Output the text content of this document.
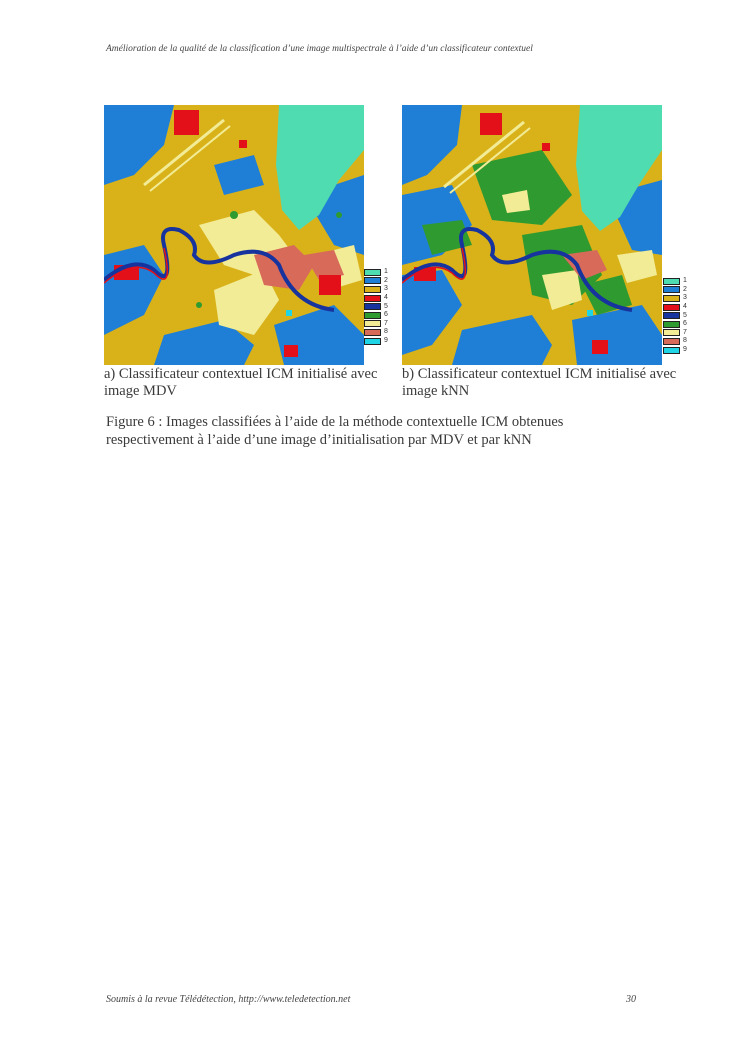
Amélioration de la qualité de la classification d’une image multispectrale à l’aide d’un classificateur contextuel
1
2
3
4
5
6
7
8
9
1
2
3
4
5
6
7
8
9
a) Classificateur contextuel ICM initialisé avec
image MDV
b) Classificateur contextuel ICM initialisé avec
image kNN
Figure 6 : Images classifiées à l’aide de la méthode contextuelle ICM obtenues
respectivement à l’aide d’une image d’initialisation par MDV et par kNN
Soumis à la revue Télédétection, http://www.teledetection.net	30
